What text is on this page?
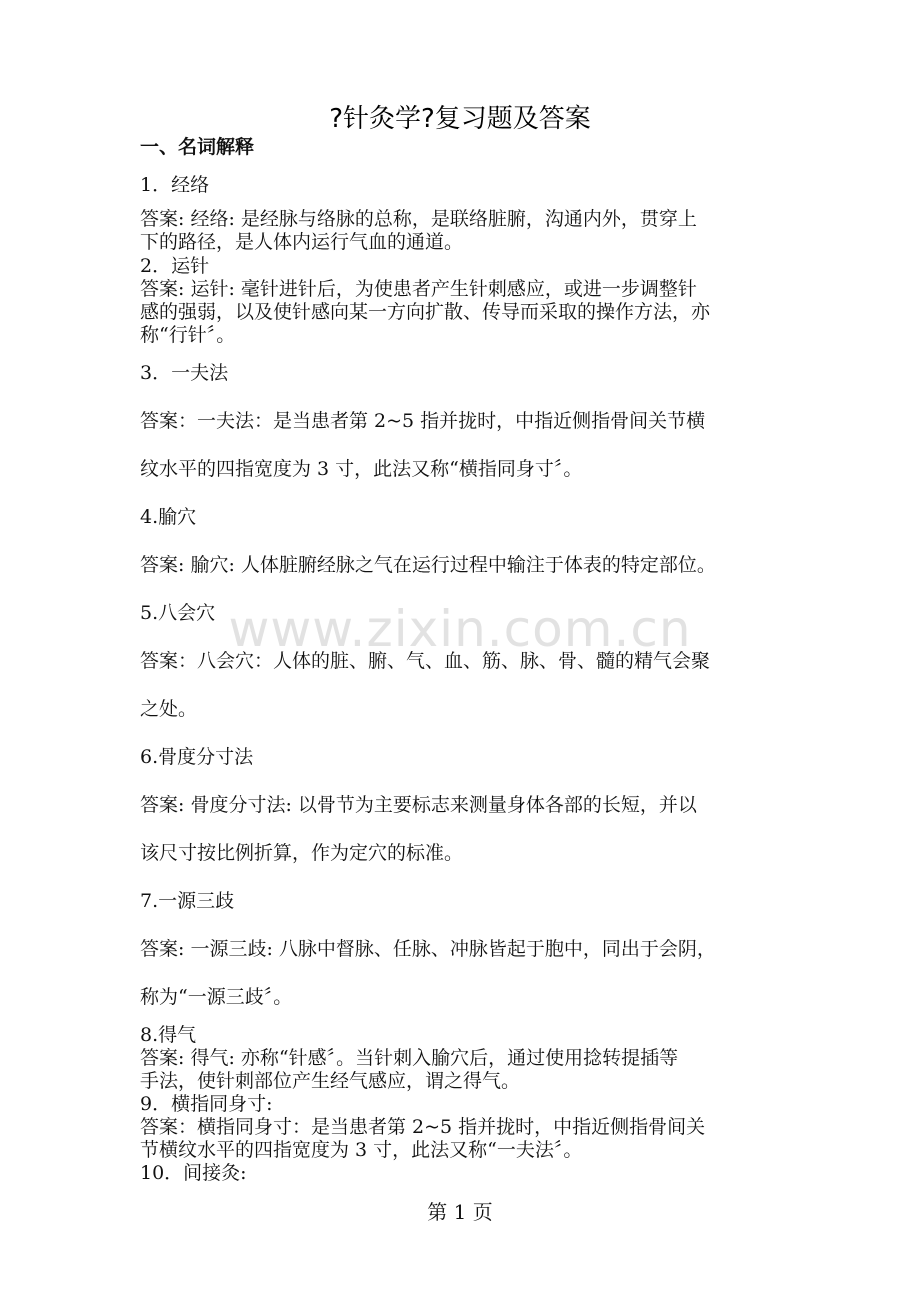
www.zixin.com.cn
?针灸学?复习题及答案
一、名词解释
1．经络
答案: 经络: 是经脉与络脉的总称，是联络脏腑，沟通内外，贯穿上
下的路径，是人体内运行气血的通道。
2．运针
答案: 运针: 毫针进针后，为使患者产生针刺感应，或进一步调整针
感的强弱，以及使针感向某一方向扩散、传导而采取的操作方法，亦
称“行针〞。
3．一夫法
答案：一夫法：是当患者第 2~5 指并拢时，中指近侧指骨间关节横
纹水平的四指宽度为 3 寸，此法又称“横指同身寸〞。
4.腧穴
答案: 腧穴: 人体脏腑经脉之气在运行过程中输注于体表的特定部位。
5.八会穴
答案：八会穴：人体的脏、腑、气、血、筋、脉、骨、髓的精气会聚
之处。
6.骨度分寸法
答案: 骨度分寸法: 以骨节为主要标志来测量身体各部的长短，并以
该尺寸按比例折算，作为定穴的标准。
7.一源三歧
答案: 一源三歧: 八脉中督脉、任脉、冲脉皆起于胞中，同出于会阴，
称为“一源三歧〞。
8.得气
答案: 得气: 亦称“针感〞。当针刺入腧穴后，通过使用捻转提插等
手法，使针刺部位产生经气感应，谓之得气。
9．横指同身寸:
答案：横指同身寸：是当患者第 2~5 指并拢时，中指近侧指骨间关
节横纹水平的四指宽度为 3 寸，此法又称“一夫法〞。
10．间接灸:
第 1 页
